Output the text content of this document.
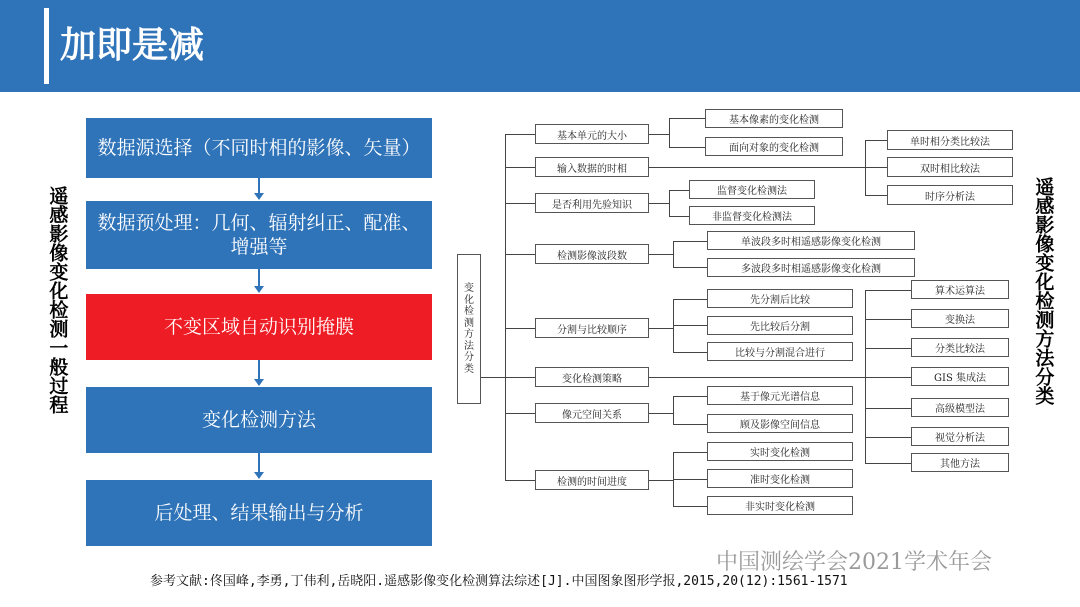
加即是减
遥感影像变化检测一般过程	遥感影像变化检测方法分类
数据源选择（不同时相的影像、矢量）
数据预处理：几何、辐射纠正、配准、增强等
不变区域自动识别掩膜
变化检测方法
后处理、结果输出与分析
变化检测方法分类
基本单元的大小
输入数据的时相
是否利用先验知识
检测影像波段数
分割与比较顺序
变化检测策略
像元空间关系
检测的时间进度
基本像素的变化检测
面向对象的变化检测
单时相分类比较法
双时相比较法
时序分析法
监督变化检测法
非监督变化检测法
单波段多时相遥感影像变化检测
多波段多时相遥感影像变化检测
先分割后比较
先比较后分割
比较与分割混合进行
算术运算法
变换法
分类比较法
GIS 集成法
高级模型法
视觉分析法
其他方法
基于像元光谱信息
顾及影像空间信息
实时变化检测
准时变化检测
非实时变化检测
中国测绘学会2021学术年会
参考文献:佟国峰,李勇,丁伟利,岳晓阳.遥感影像变化检测算法综述[J].中国图象图形学报,2015,20(12):1561-1571
